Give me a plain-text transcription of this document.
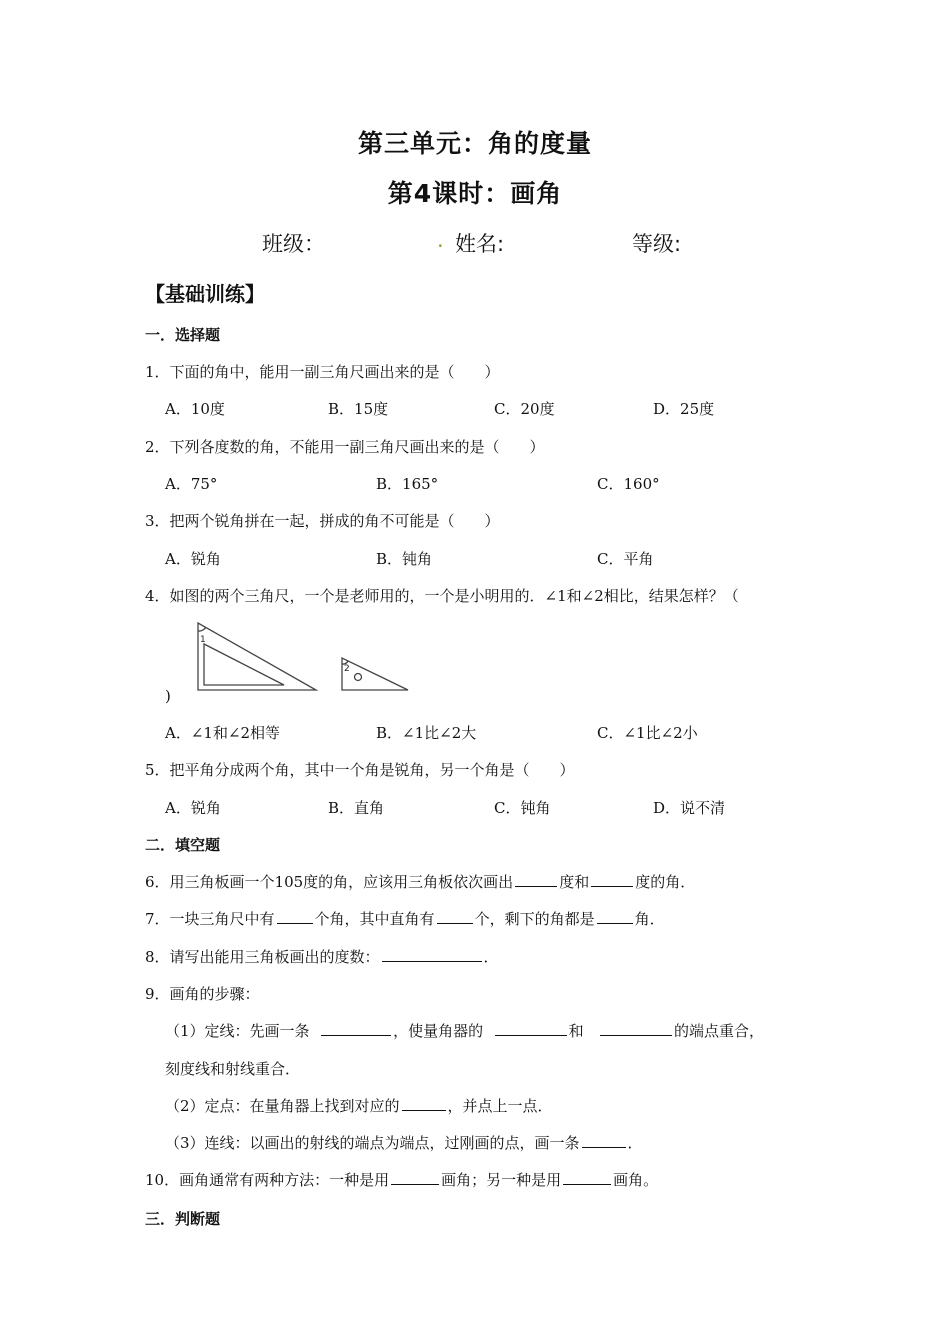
第三单元：角的度量
第4课时：画角
班级：	. 姓名:	等级:
【基础训练】
一．选择题
1．下面的角中，能用一副三角尺画出来的是（　　）
A．10度	B．15度	C．20度	D．25度
2．下列各度数的角，不能用一副三角尺画出来的是（　　）
A．75°	B．165°	C．160°
3．把两个锐角拼在一起，拼成的角不可能是（　　）
A．锐角	B．钝角	C．平角
4．如图的两个三角尺，一个是老师用的，一个是小明用的．∠1和∠2相比，结果怎样？（
1
2
)
A．∠1和∠2相等	B．∠1比∠2大	C．∠1比∠2小
5．把平角分成两个角，其中一个角是锐角，另一个角是（　　）
A．锐角	B．直角	C．钝角	D．说不清
二．填空题
6．用三角板画一个105度的角，应该用三角板依次画出	度和	度的角．
7．一块三角尺中有	个角，其中直角有	个，剩下的角都是	角．
8．请写出能用三角板画出的度数：	．
9．画角的步骤：
（1）定线：先画一条	，使量角器的	和	的端点重合，
刻度线和射线重合．
（2）定点：在量角器上找到对应的	，并点上一点．
（3）连线：以画出的射线的端点为端点，过刚画的点，画一条	．
10．画角通常有两种方法：一种是用	画角；另一种是用	画角。
三．判断题
